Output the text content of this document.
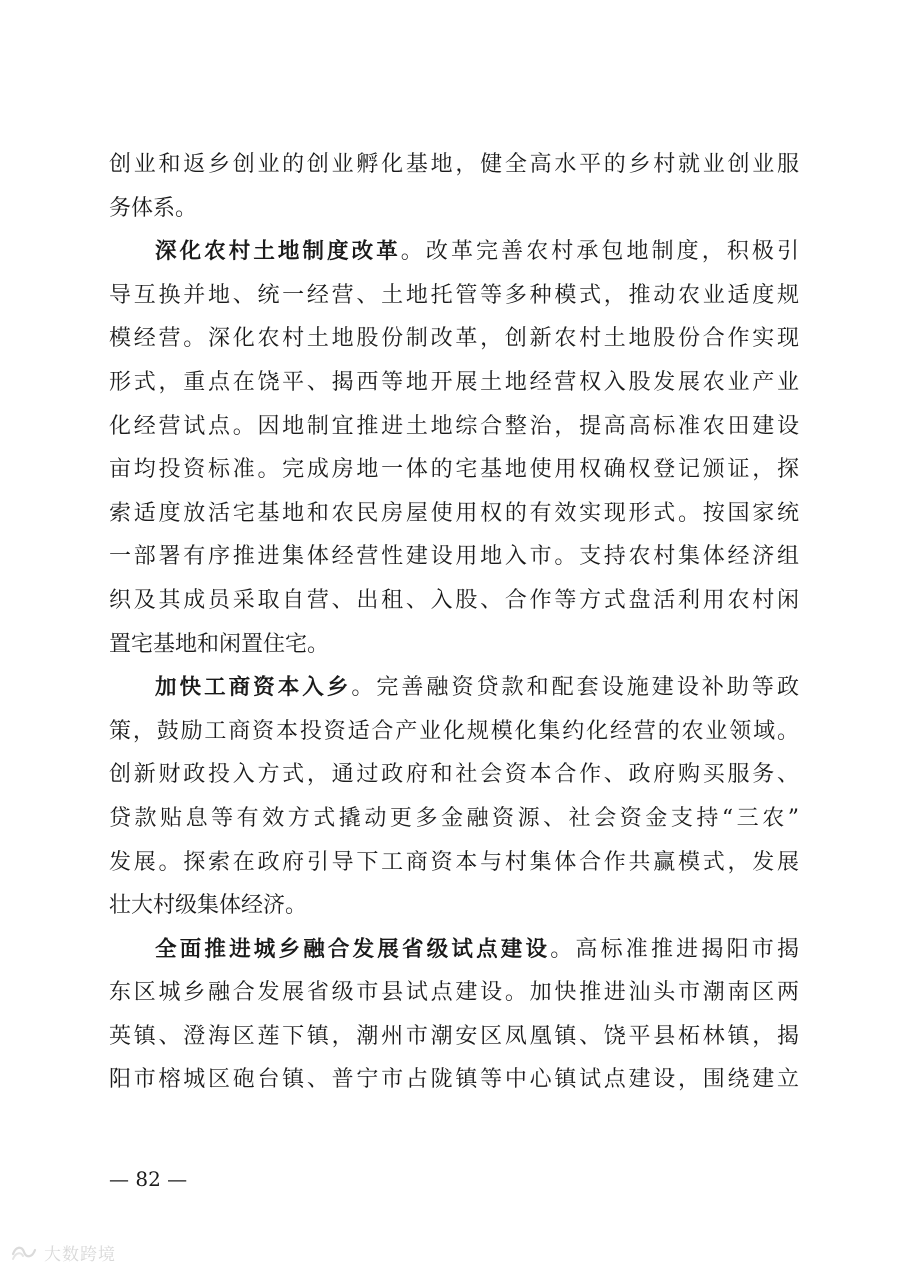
创业和返乡创业的创业孵化基地，健全高水平的乡村就业创业服
务体系。
深化农村土地制度改革。改革完善农村承包地制度，积极引
导互换并地、统一经营、土地托管等多种模式，推动农业适度规
模经营。深化农村土地股份制改革，创新农村土地股份合作实现
形式，重点在饶平、揭西等地开展土地经营权入股发展农业产业
化经营试点。因地制宜推进土地综合整治，提高高标准农田建设
亩均投资标准。完成房地一体的宅基地使用权确权登记颁证，探
索适度放活宅基地和农民房屋使用权的有效实现形式。按国家统
一部署有序推进集体经营性建设用地入市。支持农村集体经济组
织及其成员采取自营、出租、入股、合作等方式盘活利用农村闲
置宅基地和闲置住宅。
加快工商资本入乡。完善融资贷款和配套设施建设补助等政
策，鼓励工商资本投资适合产业化规模化集约化经营的农业领域。
创新财政投入方式，通过政府和社会资本合作、政府购买服务、
贷款贴息等有效方式撬动更多金融资源、社会资金支持“三农”
发展。探索在政府引导下工商资本与村集体合作共赢模式，发展
壮大村级集体经济。
全面推进城乡融合发展省级试点建设。高标准推进揭阳市揭
东区城乡融合发展省级市县试点建设。加快推进汕头市潮南区两
英镇、澄海区莲下镇，潮州市潮安区凤凰镇、饶平县柘林镇，揭
阳市榕城区砲台镇、普宁市占陇镇等中心镇试点建设，围绕建立
— 82 —
大数跨境
